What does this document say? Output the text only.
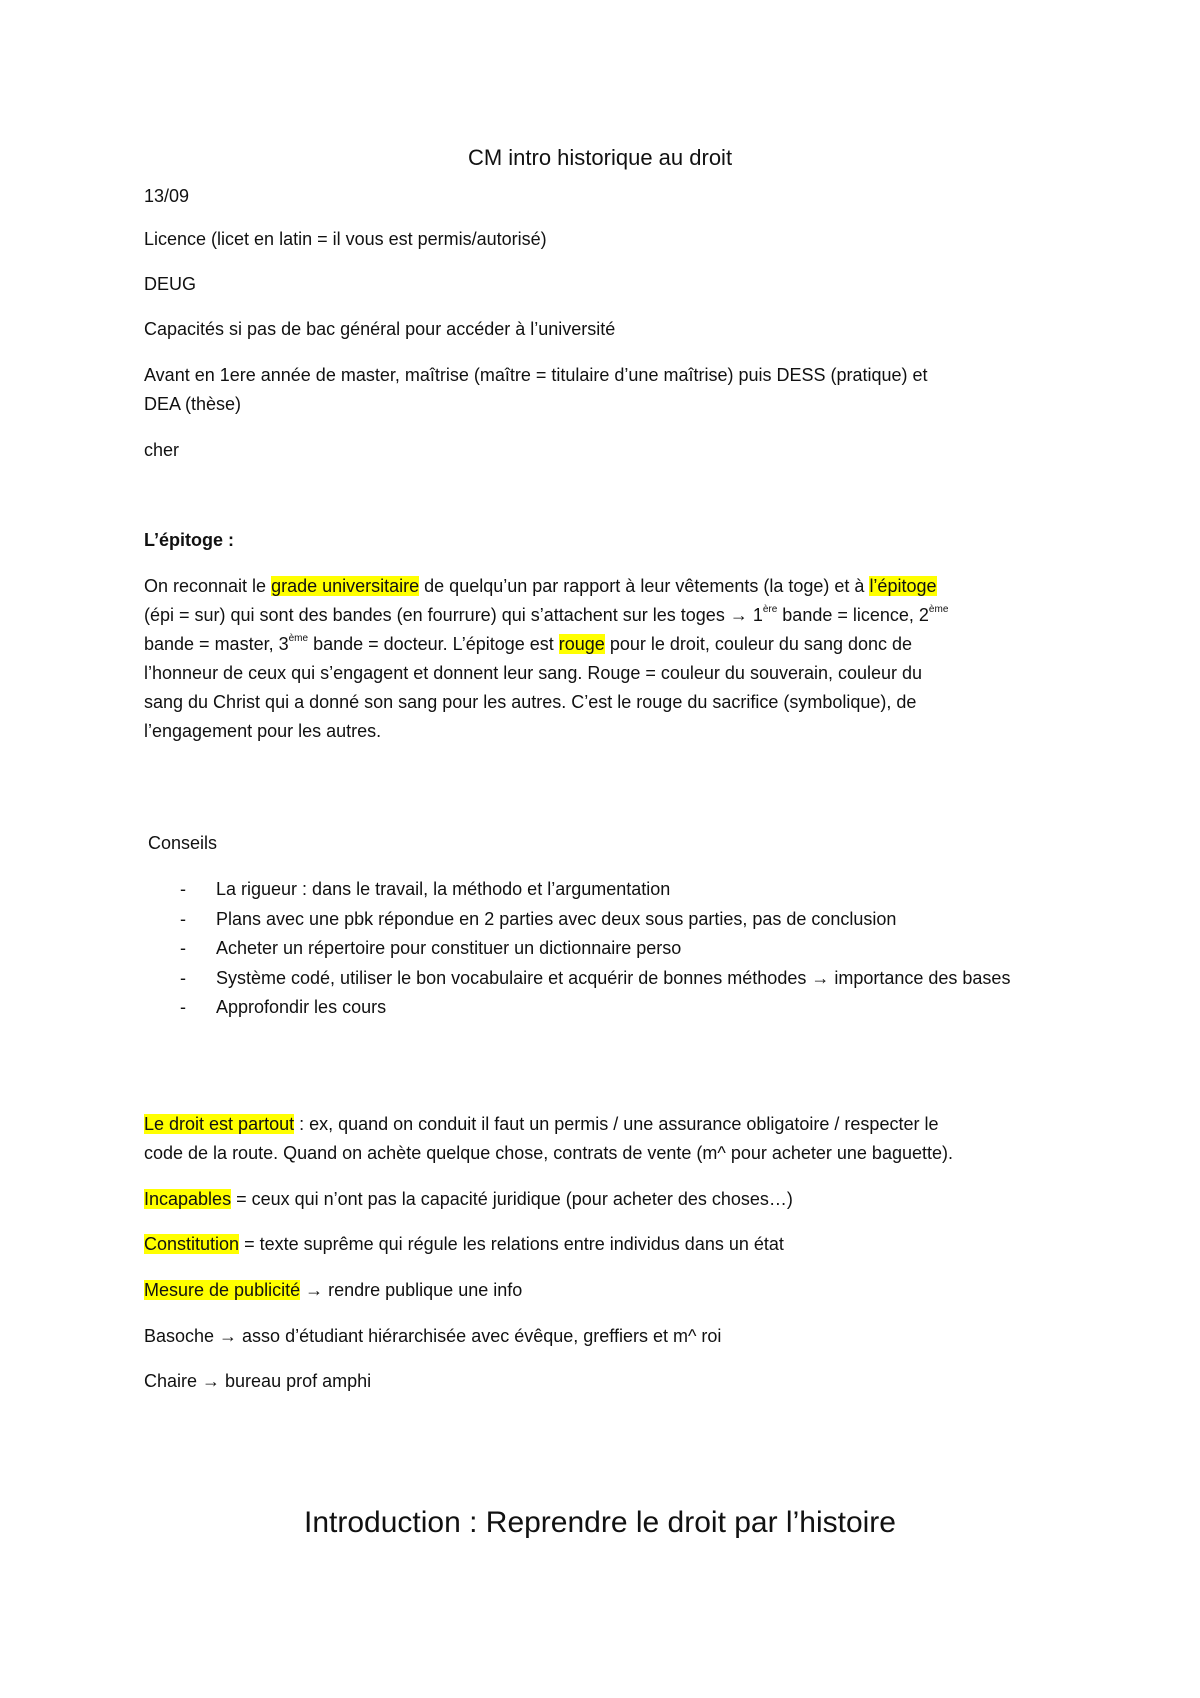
CM intro historique au droit
13/09
Licence (licet en latin = il vous est permis/autorisé)
DEUG
Capacités si pas de bac général pour accéder à l’université
Avant en 1ere année de master, maîtrise (maître = titulaire d’une maîtrise) puis DESS (pratique) et
DEA (thèse)
cher
L’épitoge :
On reconnait le grade universitaire de quelqu’un par rapport à leur vêtements (la toge) et à l’épitoge
(épi = sur) qui sont des bandes (en fourrure) qui s’attachent sur les toges → 1ère bande = licence, 2ème
bande = master, 3ème bande = docteur. L’épitoge est rouge pour le droit, couleur du sang donc de
l’honneur de ceux qui s’engagent et donnent leur sang. Rouge = couleur du souverain, couleur du
sang du Christ qui a donné son sang pour les autres. C’est le rouge du sacrifice (symbolique), de
l’engagement pour les autres.
Conseils
- La rigueur : dans le travail, la méthodo et l’argumentation
- Plans avec une pbk répondue en 2 parties avec deux sous parties, pas de conclusion
- Acheter un répertoire pour constituer un dictionnaire perso
- Système codé, utiliser le bon vocabulaire et acquérir de bonnes méthodes → importance des bases
- Approfondir les cours
Le droit est partout : ex, quand on conduit il faut un permis / une assurance obligatoire / respecter le
code de la route. Quand on achète quelque chose, contrats de vente (m^ pour acheter une baguette).
Incapables = ceux qui n’ont pas la capacité juridique (pour acheter des choses…)
Constitution = texte suprême qui régule les relations entre individus dans un état
Mesure de publicité → rendre publique une info
Basoche → asso d’étudiant hiérarchisée avec évêque, greffiers et m^ roi
Chaire → bureau prof amphi
Introduction : Reprendre le droit par l’histoire
